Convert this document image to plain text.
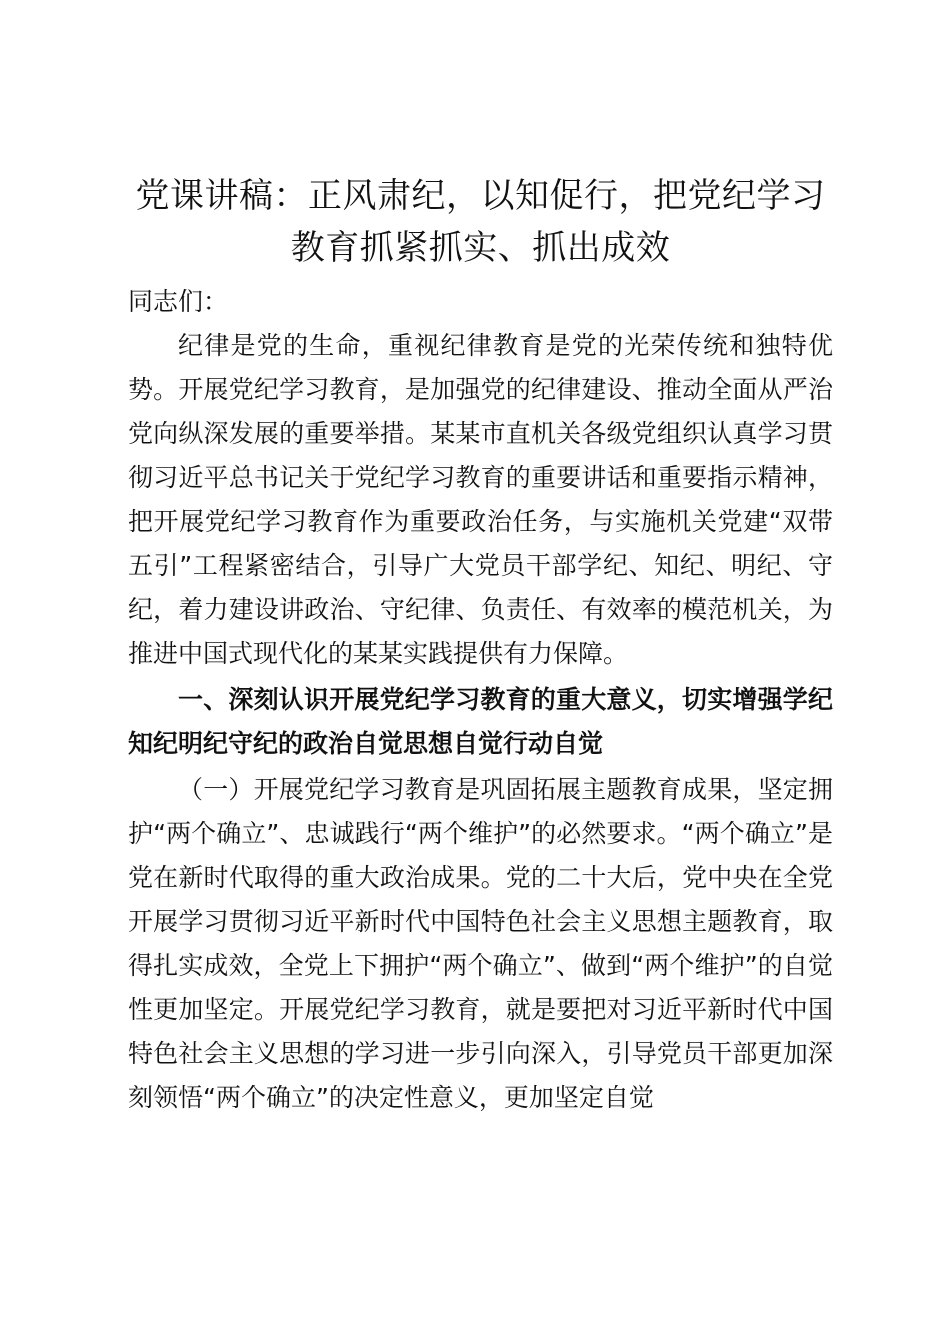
党课讲稿：正风肃纪，以知促行，把党纪学习教育抓紧抓实、抓出成效

同志们：

纪律是党的生命，重视纪律教育是党的光荣传统和独特优势。开展党纪学习教育，是加强党的纪律建设、推动全面从严治党向纵深发展的重要举措。某某市直机关各级党组织认真学习贯彻习近平总书记关于党纪学习教育的重要讲话和重要指示精神，把开展党纪学习教育作为重要政治任务，与实施机关党建“双带五引”工程紧密结合，引导广大党员干部学纪、知纪、明纪、守纪，着力建设讲政治、守纪律、负责任、有效率的模范机关，为推进中国式现代化的某某实践提供有力保障。

一、深刻认识开展党纪学习教育的重大意义，切实增强学纪知纪明纪守纪的政治自觉思想自觉行动自觉

（一）开展党纪学习教育是巩固拓展主题教育成果，坚定拥护“两个确立”、忠诚践行“两个维护”的必然要求。“两个确立”是党在新时代取得的重大政治成果。党的二十大后，党中央在全党开展学习贯彻习近平新时代中国特色社会主义思想主题教育，取得扎实成效，全党上下拥护“两个确立”、做到“两个维护”的自觉性更加坚定。开展党纪学习教育，就是要把对习近平新时代中国特色社会主义思想的学习进一步引向深入，引导党员干部更加深刻领悟“两个确立”的决定性意义，更加坚定自觉
